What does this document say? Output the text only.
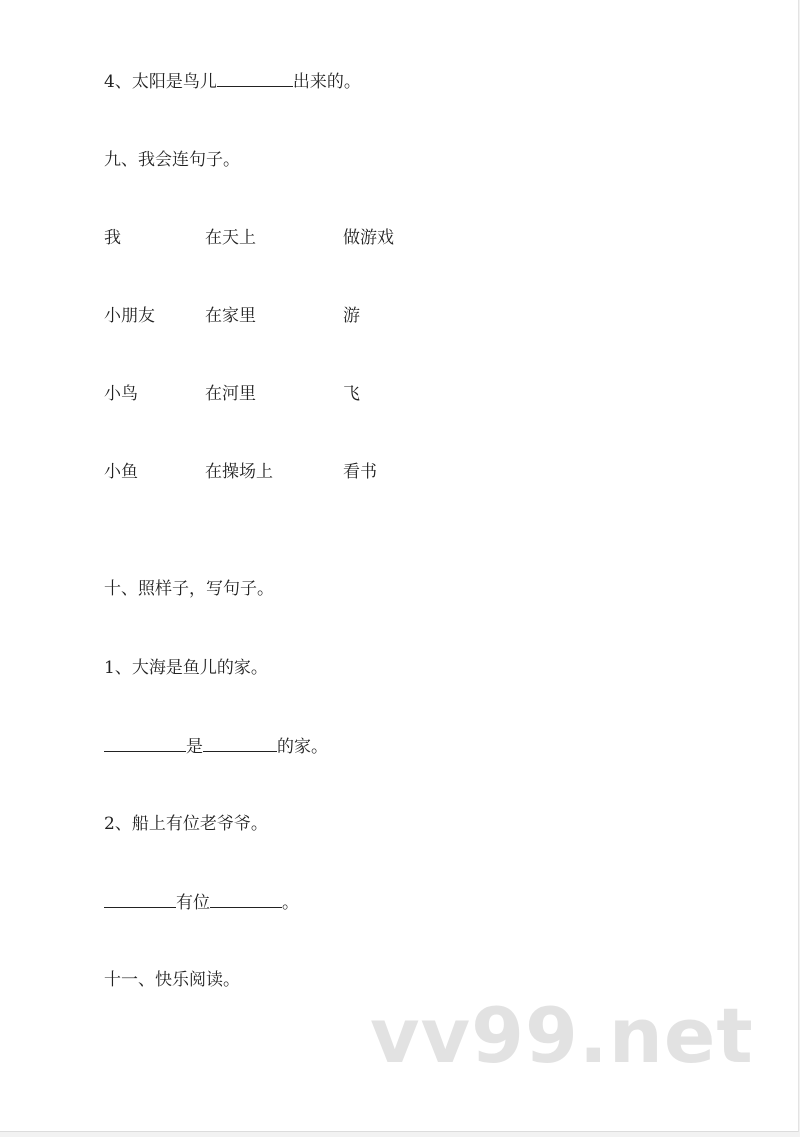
4、太阳是鸟儿	出来的。
九、我会连句子。
我	在天上	做游戏
小朋友	在家里	游
小鸟	在河里	飞
小鱼	在操场上	看书
十、照样子，写句子。
1、大海是鱼儿的家。
是	的家。
2、船上有位老爷爷。
有位	。
十一、快乐阅读。
vv99.net
